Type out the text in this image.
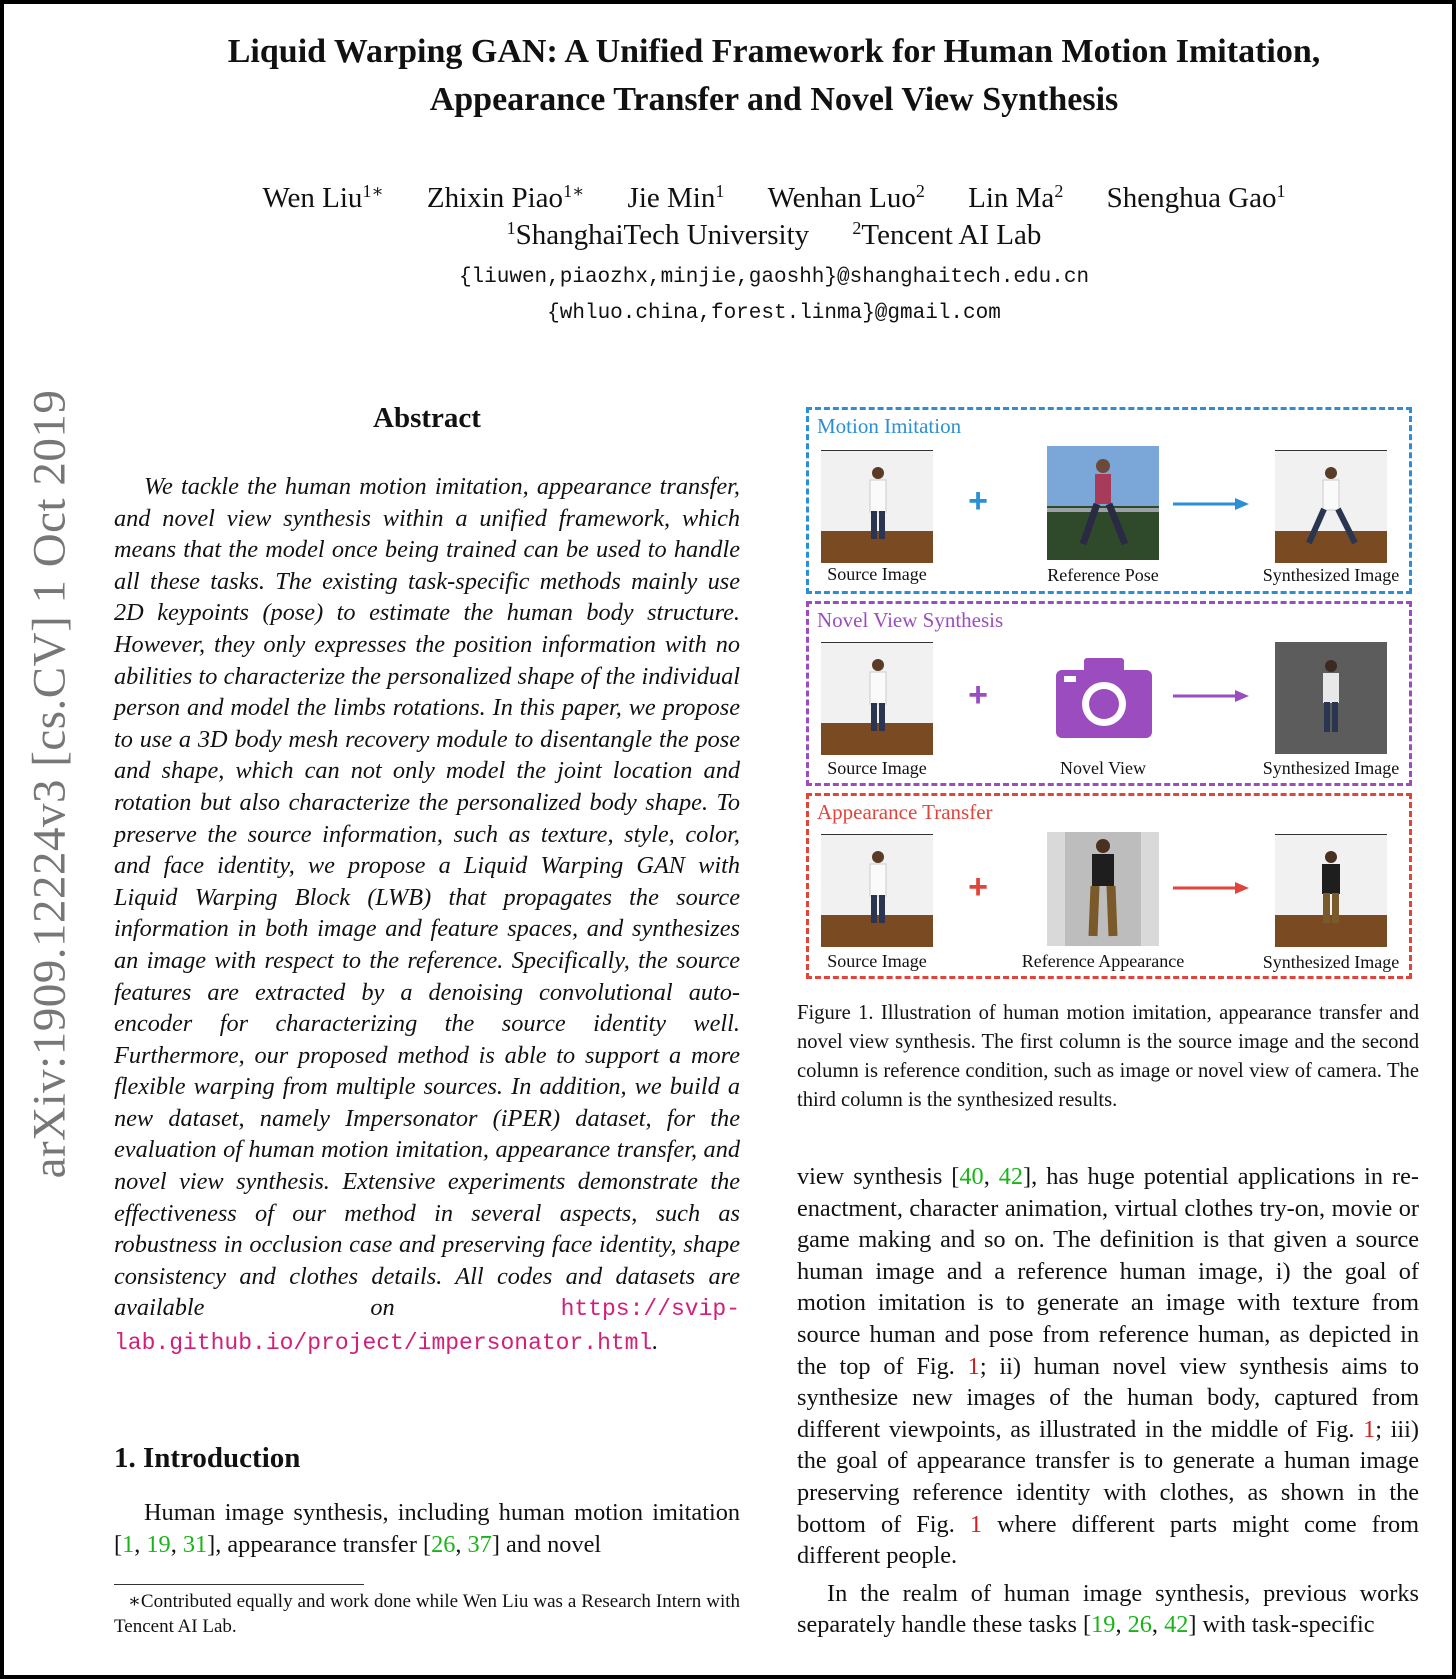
arXiv:1909.12224v3 [cs.CV] 1 Oct 2019
Liquid Warping GAN: A Unified Framework for Human Motion Imitation,
Appearance Transfer and Novel View Synthesis
Wen Liu$^{1∗}$ Zhixin Piao$^{1∗}$ Jie Min$^1$ Wenhan Luo$^2$ Lin Ma$^2$ Shenghua Gao$^1$
$^1$ShanghaiTech University $^2$Tencent AI Lab
{liuwen,piaozhx,minjie,gaoshh}@shanghaitech.edu.cn
{whluo.china,forest.linma}@gmail.com
Abstract

We tackle the human motion imitation, appearance transfer, and novel view synthesis within a unified framework, which means that the model once being trained can be used to handle all these tasks. The existing task-specific methods mainly use 2D keypoints (pose) to estimate the human body structure. However, they only expresses the position information with no abilities to characterize the personalized shape of the individual person and model the limbs rotations. In this paper, we propose to use a 3D body mesh recovery module to disentangle the pose and shape, which can not only model the joint location and rotation but also characterize the personalized body shape. To preserve the source information, such as texture, style, color, and face identity, we propose a Liquid Warping GAN with Liquid Warping Block (LWB) that propagates the source information in both image and feature spaces, and synthesizes an image with respect to the reference. Specifically, the source features are extracted by a denoising convolutional auto-encoder for characterizing the source identity well. Furthermore, our proposed method is able to support a more flexible warping from multiple sources. In addition, we build a new dataset, namely Impersonator (iPER) dataset, for the evaluation of human motion imitation, appearance transfer, and novel view synthesis. Extensive experiments demonstrate the effectiveness of our method in several aspects, such as robustness in occlusion case and preserving face identity, shape consistency and clothes details. All codes and datasets are available on	https://svip-lab.github.io/project/impersonator.html.

1. Introduction

Human image synthesis, including human motion imitation [1, 19, 31], appearance transfer [26, 37] and novel

∗Contributed equally and work done while Wen Liu was a Research Intern with Tencent AI Lab.

Motion Imitation
Source Image
+
Reference Pose	Synthesized Image
Novel View Synthesis
Source Image
+
Novel View	Synthesized Image
Appearance Transfer
Source Image
+
Reference Appearance	Synthesized Image
Figure 1. Illustration of human motion imitation, appearance transfer and novel view synthesis. The first column is the source image and the second column is reference condition, such as image or novel view of camera. The third column is the synthesized results.

view synthesis [40, 42], has huge potential applications in re-enactment, character animation, virtual clothes try-on, movie or game making and so on. The definition is that given a source human image and a reference human image, i) the goal of motion imitation is to generate an image with texture from source human and pose from reference human, as depicted in the top of Fig. 1; ii) human novel view synthesis aims to synthesize new images of the human body, captured from different viewpoints, as illustrated in the middle of Fig. 1; iii) the goal of appearance transfer is to generate a human image preserving reference identity with clothes, as shown in the bottom of Fig. 1 where different parts might come from different people.

In the realm of human image synthesis, previous works separately handle these tasks [19, 26, 42] with task-specific
